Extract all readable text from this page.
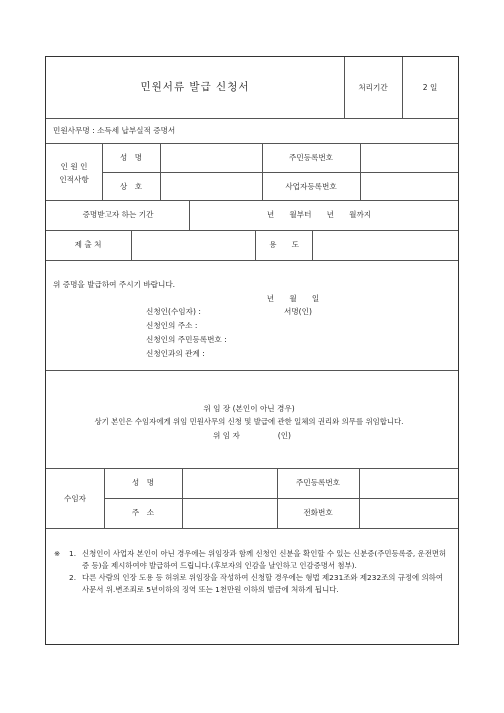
민원서류 발급 신청서	처리기간	2 일
민원사무명 : 소득세 납부실적 증명서
인 원 인
인적사항
성　명	주민등록번호
상　호	사업자등록번호
증명받고자 하는 기간	년　　월부터　　년　　월까지
제 출 처	용　　도
위 증명을 발급하여 주시기 바랍니다.
년　　월　　일
신청인(수임자) :	서명(인)
신청인의 주소 :
신청인의 주민등록번호 :
신청인과의 관계 :
위 임 장 (본인이 아닌 경우)
상기 본인은 수임자에게 위임 민원사무의 신청 및 발급에 관한 일체의 권리와 의무를 위임합니다.
위 임 자　　　　　(인)
수임자
성　명	주민등록번호
주　소	전화번호
※ 1. 신청인이 사업자 본인이 아닌 경우에는 위임장과 함께 신청인 신분을 확인할 수 있는 신분증(주민등록증, 운전면허증 등)을 제시하여야 발급하여 드립니다.(후보자의 인감을 날인하고 인감증명서 첨부).
2. 다른 사람의 인장 도용 등 허위로 위임장을 작성하여 신청할 경우에는 형법 제231조와 제232조의 규정에 의하여 사문서 위․변조죄로 5년이하의 징역 또는 1천만원 이하의 벌금에 처하게 됩니다.
